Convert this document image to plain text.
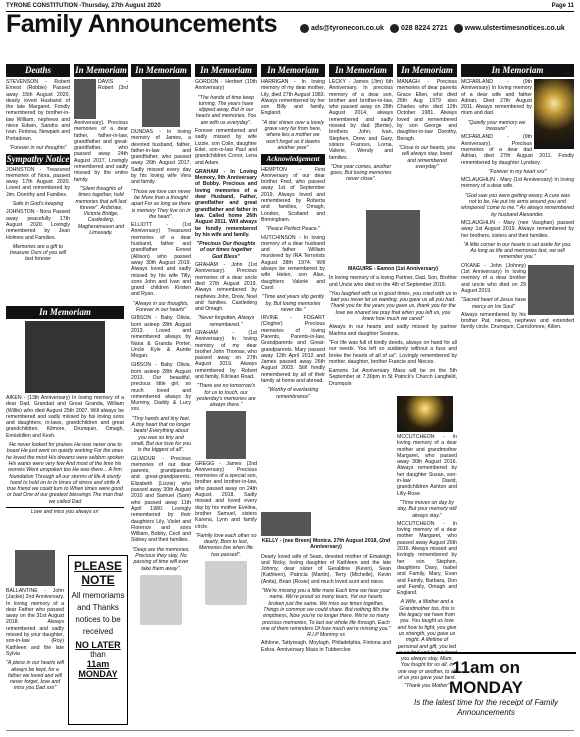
TYRONE CONSTITUTION -Thursday, 27th August 2020	Page 11
Family Announcements	ads@tyronecon.co.uk 028 8224 2721 www.ulstertimesnotices.co.uk
Deaths

STEVENSON - Robert Ernest (Robbie) Passed away 15th August 2020, dearly loved Husband of the late Margaret. Fondly remembered by brother-in-law William, nephews and niece Edwin, Sandra and Ivan. Fintona, Newpark and Portadown.

"Forever in our thoughts"

Sympathy Notice

JOHNSTON - Treasured memories of Nora, passed away 17th August 2020. Loved and remembered by Jim, Dorothy and Families.

Safe in God's keeping

JOHNSTON - Nora Passed away peacefully 17th August 2020. Lovingly remembered by Jean Holmes and Families.

Memories are a gift to treasure Ours of you will last forever

In Memoriam

AIKEN - (13th Anniversary) In loving memory of a dear Dad, Grandad and Great Granda, William (Willie) who died August 25th 2007. Will always be remembered and sadly missed by his loving sons and daughters, in-laws, grandchildren and great grandchildren, Kilmore, Drumquin, Omagh, Enniskillen and Kesh.

'He never looked for praises He was never one to boast He just went on quietly working For the ones he loved the most His dreams were seldom spoken His wants were very few And most of the time his worries Went unspoken too He was there... A firm foundation Through all our storms of life A sturdy hand to hold on to In times of stress and strife A true friend we could turn to When times were good or bad One of our greatest blessings The man that we called Dad

Love and miss you always xx'

BALLANTINE - John (Jackie) 2nd Anniversary. In loving memory of a dear Father who passed away on the 31st August 2018. Always remembered and sadly missed by your daughter, son-in-law (Roy) Kathleen and the late Sylvia

"A piece in our hearts will always be kept, for a father we loved and will never forget, love and miss you Dad xxx"

In Memoriam

DAVIS - Robert (3rd Anniversary). Precious memories of a dear father, father-in-law, grandfather and great-grandfather, who passed away 24th August 2017. Lovingly remembered and sadly missed by the entire family.

"Silent thoughts of times together, hold memories that will last forever". Ardstraw, Victoria Bridge, Castlederg, Magheramason and Limavady.

PLEASE
NOTE
All memoriams and Thanks notices to be received
NO LATER
than
11am MONDAY
In Memoriam

DUNDAS - In loving memory of James, a devoted husband, father, father-in-law and grandfather, who passed away 26th August 2017. Sadly missed every day by his loving wife Vera and family.

"Those we love can never be More than a thought apart For as long as there is memory They live on in the heart".

ELLIOTT - (1st Anniversary) Treasured memories of a dear husband, father and grandfather Ernest (Allison) who passed away 30th August 2019. Always loved and sadly missed by his wife Tilly, sons John and Ivan and grand children Kirsten and Ryan.

"Always in our thoughts, Forever in our hearts"

GIBSON - Baby Olivia, born asleep 28th August 2013. Loved and remembered always by Nana & Granda Porter, Uncle Kyle & Auntie Megan.

GIBSON - Baby Olivia, born asleep 28th August 2013. Our beautiful, precious little girl, so much loved and remembered always by Mummy, Daddy & Lucy xxx.

"Tiny hands and tiny feet, A tiny heart that no longer beats! Everything about you was so tiny and small, But our love for you is the biggest of all".

GILMOUR - Precious memories of our dear parents, grandparents and great-grandparents, Elizabeth (Lizzie) who passed away 30th August 2010 and Samuel (Sam) who passed away 11th April 1980. Lovingly remembered by their daughters Lily, Violet and Florence and sons William, Bobby, Cecil and Sidney and their families.

"Deep are the memories, Precious they stay, No passing of time will ever take them away".

In Memoriam

GORDON - Herbert (10th Anniversary)

"The hands of time keep turning, The years have slipped away, But in our hearts and memories, You are with us everyday".

Forever remembered and sadly missed by wife Lizzie, son Colin, daughter Edel, son-in-law Paul and grandchildren Conor, Lena and Adam.

GRAHAM - In Loving Memory, 9th Anniversary of Bobby. Precious and loving memories of a dear Husband, Father, grandfather and great grandfather and father in law. Called home 26th August 2011. Will always be fondly remembered by his wife and family.

"Precious Our thoughts of our times together God Bless"

GRAHAM - John (1st Anniversary). Precious memories of a dear uncle died 27th August 2019. Always remembered by nephews John, Drew, Noel and families. Castlederg and Omagh.

"Never forgotten, Always remembered."

GRAHAM - (1st Anniversary) In loving memory of my dear brother John Thomas, who passed away on 27th August 2019. Always remembered by Robert and family, Kilclean Road.

"There are no tomorrow's for us to touch, our yesterday's memories are always there."

GREGG - James (2nd Anniversary) Precious memories of a special son, brother and brother-in-law, who passed away on 24th August, 2018. Sadly missed and loved every day by his mother Evelina, brother Samuel, sisters Karena, Lynn and family circle.

"Family love each other so dearly, Born to last, Memories live when life has passed".

In Memoriam

HARRIGAN - In loving memory of my dear mother, Lily, died 27th August 1983. Always remembered by her son Billy and family, England.

"A star shines over a lovely grave very far from here, where lies a mother we won't forget as it dawns another year"

Acknowledgement

HEMPTON - First Anniversary of our dear brother Fred, who passed away 1st of September 2019. Always loved and remembered by Roberta and families, Omagh, London, Scotland and Birmingham.

"Peace Perfect Peace."

HUTCHINSON - In loving memory of a dear husband and father William murdered by IRA Terrorists August 28th 1974. Will always be remembered by wife Helen, son Alan, daughters Valerie and Carol.

"Time and years slip gently by, But loving memories never die."

IRVINE - FOGART (Clogher) Precious memories of loving Parents, Parents-in-law, Grandparents and Great-grandparents. Mary passed away 12th April 2012 and James passed away 26th August 2003. Still fondly remembered by all of their family at home and abroad.

"Worthy of everlasting remembrance"

KELLY - (nee Breen) Monica. 27th August 2018, (2nd Anniversary)

Dearly loved wife of Sean, devoted mother of Emaleigh and Nicky, loving daughter of Kathleen and the late Johnny, dear sister of Geraldine (Kevin), Sean (Kathleen), Patricia (Martin), Terry (Michelle), Kevin (Anita), Brian (Rosie) and much loved aunt and niece.

"We're missing you a little more Each time we hear your name, We're proud so many tears, Yet our hearts broken just the same, We miss our times together, Things in common we could share. But nothing fills the emptiness, Now you're no longer there. We're so many precious memories, To last our whole life through, Each one of them reminders Of how much we're missing you." R.I.P Mommy xx

Athlone, Tattyreagh, Moylagh, Philadelphia, Fintona and Eskra. Anniversary Mass in Tubbercloe

In Memoriam

LECKY - James (Jim) 6th Anniversary. In precious memory of a dear son, brother and brother-in-law, who passed away on 28th August 2014, always remembered and sadly missed by dad (Bertie), brothers John, Ivan, Stephen, Drew and Gary, sisters Frances, Lorna, Valerie, Wendy and families.

"One year comes, another goes, But loving memories never close".

MAGUIRE - Eamon (1st Anniversary)

In loving memory of a loving Partner, Dad, Son, Brother and Uncle who died on the 4th of September 2019.

"You laughed with us in good times, you cried with us in bad you never let us wanting, you gave us all you had. Thank you for the years you gave us, thank you for the love we shared we pray that when you left us, you knew how much we cared"

Always in our hearts and sadly missed by partner Martina and daughter Seanna.

"For life was full of kindly deeds, always on hand for all our needs. You left so suddenly without a fuss and broke the hearts of all of us". Lovingly remembered by mother, daughter, brother Francie and Nieces.

Eamons 1st Anniversary Mass will be on the 5th September at 7.30pm in St Patrick's Church Langfield, Drumquin

In Memoriam

MANAGH - Precious memories of dear parents Grace Ellen, who died 26th Aug 1979 also Charles who died 12th October 1981. Always loved and remembered by son George and daughter-in-law Dorothy, Beragh.

"Close to our hearts, you will always stay, loved and remembered everyday"

MCCUTCHEON - In loving memory of a dear mother and grandmother Margaret, who passed away 30th August 2016. Always remembered by her daughter Susan, son-in-law David, grandchildren Ashton and Lilly-Rose.

"Time moves on day by day, But your memory will always stay."

MCCUTCHEON - In loving memory of a dear mother Margaret, who passed away August 26th 2016. Always missed and lovingly remembered by her son Stephen, daughters Davy, Isabel and Family, Mary, Evan and Family, Barbara, Don and Family, Omagh and England.

A Wife, a Mother and a Grandmother too, this is the legacy we have from you. You taught us love and how to fight, you give us strength, you gave us might. A lifetime of personal and gift, you led us so find and in our heart you always stay. Mum, You fought for us all, in one way or another, to all of us you gave your best.

"Thank you Mother"

11am on
MONDAY
Is the latest time for the receipt of Family Announcements
In Memoriam

MCFARLAND - (9th Anniversary) In loving memory of a dear wife and father Adrian, Died 27th August 2011. Always remembered by mum and dad.

"Quietly your memory we treasure"

MCFARLAND - (9th Anniversary). Precious memories of a dear dad Adrian, died 27th August 2011. Fondly remembered by daughter Lyndsey.

"Forever in my heart xxx"

MCLAUGHLIN - Mary (1st Anniversary) In loving memory of a dear wife.

"God saw you were getting weary, A cure was not to be, He put his arms around you and whispered 'come to me.'" As always remembered by husband Alexander.

MCLAUGHLIN - Mary (nee Vaughan) passed away 1st August 2019. Always remembered by her brothers, sisters and their families.

"A little corner in our hearts is set aside for you. As long as life and memories last, we will remember you."

O'KANE - John (Johnny) (1st Anniversary) In loving memory of a dear brother and uncle who died on 29 August 2019.

"Sacred heart of Jesus have mercy on his Soul"

Always remembered by his brother Pat, nieces, nephews and extended family circle. Drumquin, Carrickmore, Killen.
